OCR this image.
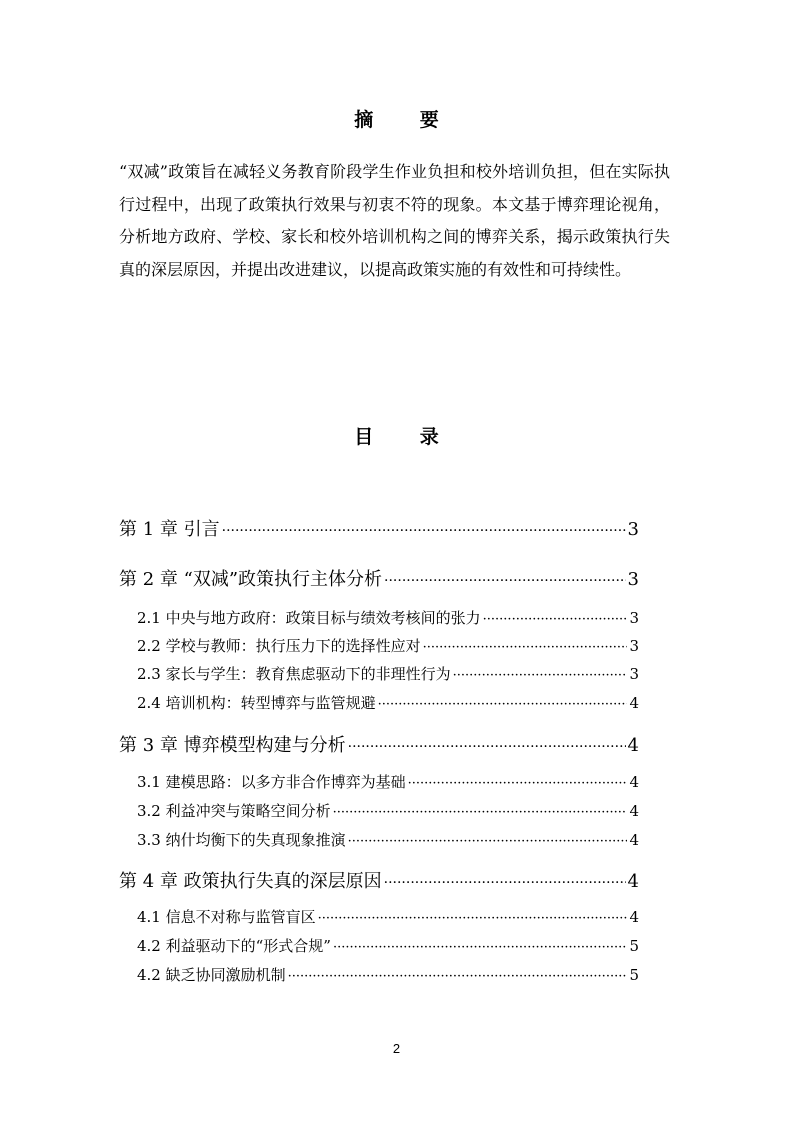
摘 要

“双减”政策旨在减轻义务教育阶段学生作业负担和校外培训负担，但在实际执行过程中，出现了政策执行效果与初衷不符的现象。本文基于博弈理论视角，分析地方政府、学校、家长和校外培训机构之间的博弈关系，揭示政策执行失真的深层原因，并提出改进建议，以提高政策实施的有效性和可持续性。

目 录
第 1 章 引言 ·····	3
第 2 章 “双减”政策执行主体分析 ·····	3
2.1 中央与地方政府：政策目标与绩效考核间的张力 ·····	3
2.2 学校与教师：执行压力下的选择性应对 ·····	3
2.3 家长与学生：教育焦虑驱动下的非理性行为 ·····	3
2.4 培训机构：转型博弈与监管规避 ·····	4
第 3 章 博弈模型构建与分析 ·····	4
3.1 建模思路：以多方非合作博弈为基础 ·····	4
3.2 利益冲突与策略空间分析 ·····	4
3.3 纳什均衡下的失真现象推演 ·····	4
第 4 章 政策执行失真的深层原因 ·····	4
4.1 信息不对称与监管盲区 ·····	4
4.2 利益驱动下的“形式合规” ·····	5
4.2 缺乏协同激励机制 ·····	5
2
